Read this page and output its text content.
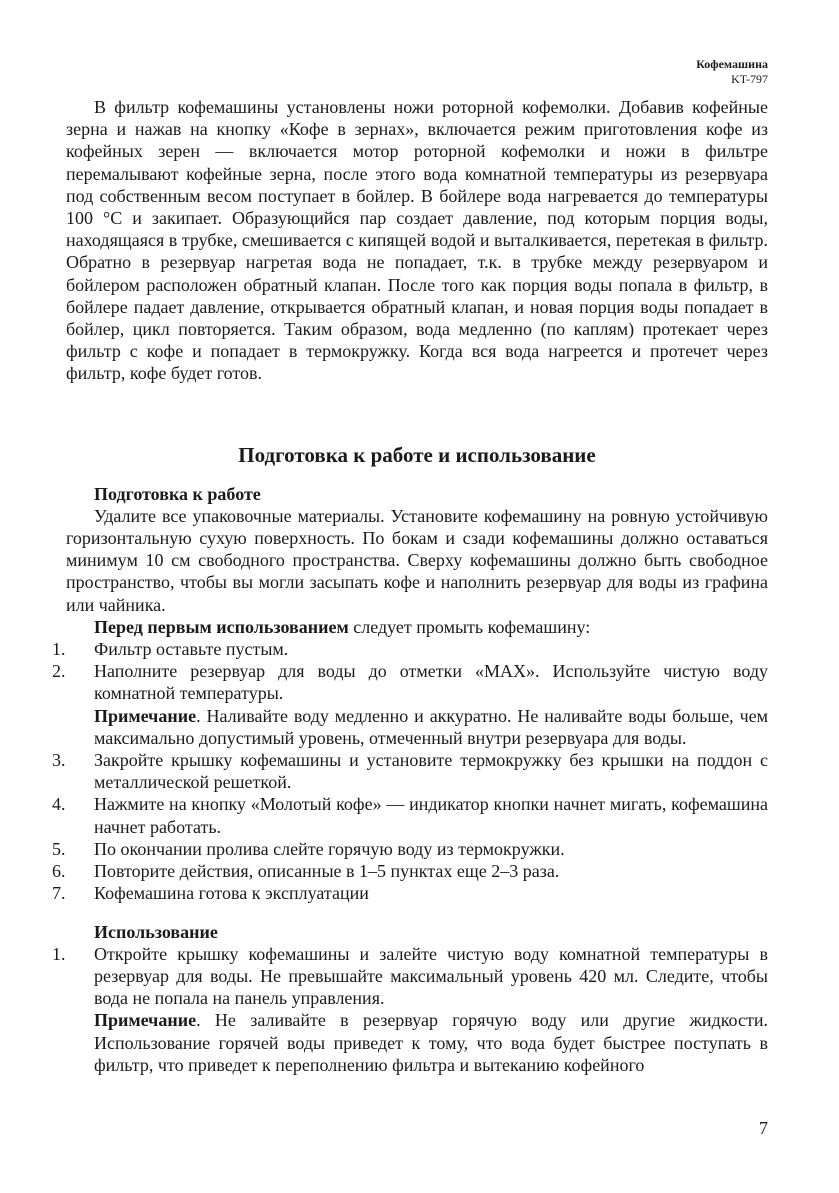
Кофемашина
KT-797

В фильтр кофемашины установлены ножи роторной кофемолки. Добавив кофейные зерна и нажав на кнопку «Кофе в зернах», включается режим приготовления кофе из кофейных зерен — включается мотор роторной кофемолки и ножи в фильтре перемалывают кофейные зерна, после этого вода комнатной температуры из резервуара под собственным весом поступает в бойлер. В бойлере вода нагревается до температуры 100 °С и закипает. Образующийся пар создает давление, под которым порция воды, находящаяся в трубке, смешивается с кипящей водой и выталкивается, перетекая в фильтр. Обратно в резервуар нагретая вода не попадает, т.к. в трубке между резервуаром и бойлером расположен обратный клапан. После того как порция воды попала в фильтр, в бойлере падает давление, открывается обратный клапан, и новая порция воды попадает в бойлер, цикл повторяется. Таким образом, вода медленно (по каплям) протекает через фильтр с кофе и попадает в термокружку. Когда вся вода нагреется и протечет через фильтр, кофе будет готов.

Подготовка к работе и использование
Подготовка к работе

Удалите все упаковочные материалы. Установите кофемашину на ровную устойчивую горизонтальную сухую поверхность. По бокам и сзади кофемашины должно оставаться минимум 10 см свободного пространства. Сверху кофемашины должно быть свободное пространство, чтобы вы могли засыпать кофе и наполнить резервуар для воды из графина или чайника.

Перед первым использованием следует промыть кофемашину:

1. Фильтр оставьте пустым.
2. Наполните резервуар для воды до отметки «МАХ». Используйте чистую воду комнатной температуры.
Примечание. Наливайте воду медленно и аккуратно. Не наливайте воды больше, чем максимально допустимый уровень, отмеченный внутри резервуара для воды.
3. Закройте крышку кофемашины и установите термокружку без крышки на поддон с металлической решеткой.
4. Нажмите на кнопку «Молотый кофе» — индикатор кнопки начнет мигать, кофемашина начнет работать.
5. По окончании пролива слейте горячую воду из термокружки.
6. Повторите действия, описанные в 1–5 пунктах еще 2–3 раза.
7. Кофемашина готова к эксплуатации
Использование
1. Откройте крышку кофемашины и залейте чистую воду комнатной температуры в резервуар для воды. Не превышайте максимальный уровень 420 мл. Следите, чтобы вода не попала на панель управления.
Примечание. Не заливайте в резервуар горячую воду или другие жидкости. Использование горячей воды приведет к тому, что вода будет быстрее поступать в фильтр, что приведет к переполнению фильтра и вытеканию кофейного
7
